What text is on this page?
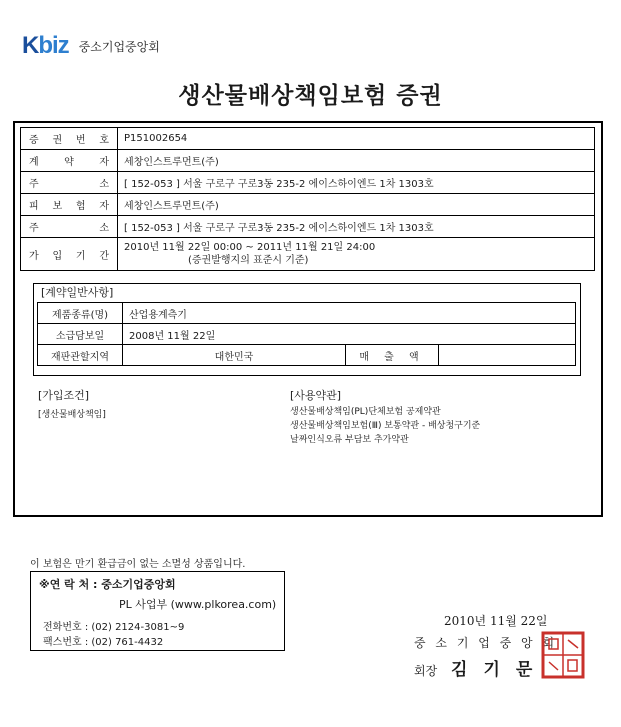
Kbiz 중소기업중앙회
생산물배상책임보험 증권
증 권 번 호	P151002654
계 약 자	세창인스트루먼트(주)
주 소	[ 152-053 ] 서울 구로구 구로3동 235-2 에이스하이엔드 1차 1303호
피 보 험 자	세창인스트루먼트(주)
주 소	[ 152-053 ] 서울 구로구 구로3동 235-2 에이스하이엔드 1차 1303호
가 입 기 간	2010년 11월 22일 00:00 ~ 2011년 11월 21일 24:00
(증권발행지의 표준시 기준)
[계약일반사항]
제품종류(명)	산업용계측기		
소급담보일	2008년 11월 22일		
재판관할지역	대한민국	매 출 액	
[가입조건]
[생산물배상책임]
[사용약관]
생산물배상책임(PL)단체보험 공제약관
생산물배상책임보험(Ⅲ) 보통약관 - 배상청구기준
날짜인식오류 부담보 추가약관
이 보험은 만기 환급금이 없는 소멸성 상품입니다.
※연 락 처 : 중소기업중앙회
PL 사업부 (www.plkorea.com)
전화번호 : (02) 2124-3081~9
팩스번호 : (02) 761-4432
2010년 11월 22일
중 소 기 업 중 앙 회
회장 김기문
